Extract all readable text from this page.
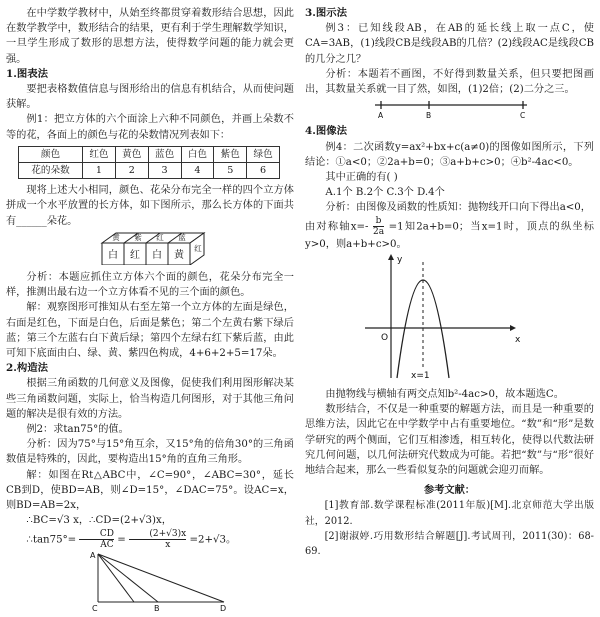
在中学数学教材中，从始至终都贯穿着数形结合思想，因此在数学教学中，数形结合的结果，更有利于学生理解数学知识，一旦学生形成了数形的思想方法，使得数学问题的能力就会更强。

1.图表法

要把表格数值信息与图形给出的信息有机结合，从而使问题获解。

例1：把立方体的六个面涂上六种不同颜色，并画上朵数不等的花，各面上的颜色与花的朵数情况列表如下：

颜色	红色	黄色	蓝色	白色	紫色	绿色
花的朵数	1	2	3	4	5	6

现将上述大小相同，颜色、花朵分布完全一样的四个立方体拼成一个水平放置的长方体，如下图所示，那么长方体的下面共有______朵花。

黄 紫 红 蓝
红
白 红 白 黄

分析：本题应抓住立方体六个面的颜色，花朵分布完全一样，推测出最右边一个立方体看不见的三个面的颜色。

解：观察图形可推知从右至左第一个立方体的左面是绿色，右面是红色，下面是白色，后面是紫色；第二个左黄右紫下绿后蓝；第三个左蓝右白下黄后绿；第四个左绿右红下紫后蓝，由此可知下底面由白、绿、黄、紫四色构成，4+6+2+5=17朵。

2.构造法

根据三角函数的几何意义及图像，促使我们利用图形解决某些三角函数问题，实际上，恰当构造几何图形，对于其他三角问题的解决是很有效的方法。

例2：求tan75°的值。

分析：因为75°与15°角互余，又15°角的倍角30°的三角函数值是特殊的，因此，要构造出15°角的直角三角形。

解：如图在Rt△ABC中，∠C=90°，∠ABC=30°，延长CB到D，使BD=AB，则∠D=15°，∠DAC=75°。设AC=x，则BD=AB=2x，

∴BC=√3 x，∴CD=(2+√3)x，

∴tan75°= $\frac{CD}{AC} = \frac{(2+√3)x}{x} =2+√3$。

A
C	B	D
3.图示法

例3：已知线段AB，在AB的延长线上取一点C，使CA=3AB，(1)线段CB是线段AB的几倍？(2)线段AC是线段CB的几分之几？

分析：本题若不画图，不好得到数量关系，但只要把图画出，其数量关系就一目了然，如图，(1)2倍；(2)二分之三。

A	B	C
4.图像法

例4：二次函数y=ax²+bx+c(a≠0)的图像如图所示，下列结论：①a<0；②2a+b=0；③a+b+c>0；④b²-4ac<0。

其中正确的有( )

A.1个 B.2个 C.3个 D.4个

分析：由图像及函数的性质知：抛物线开口向下得出a<0，

由对称轴$x=- \frac{b}{2a} =1$知2a+b=0；当x=1时，顶点的纵坐标y>0，则a+b+c>0。

y
x
O
x=1

由抛物线与横轴有两交点知b²-4ac>0，故本题选C。

数形结合，不仅是一种重要的解题方法，而且是一种重要的思维方法，因此它在中学数学中占有重要地位。“数”和“形”是数学研究的两个侧面，它们互相渗透，相互转化，使得以代数法研究几何问题，以几何法研究代数成为可能。若把“数”与“形”很好地结合起来，那么一些看似复杂的问题就会迎刃而解。

参考文献：

[1]教育部.数学课程标准(2011年版)[M].北京师范大学出版社，2012.

[2]谢淑婷.巧用数形结合解题[J].考试周刊，2011(30)：68-69.
